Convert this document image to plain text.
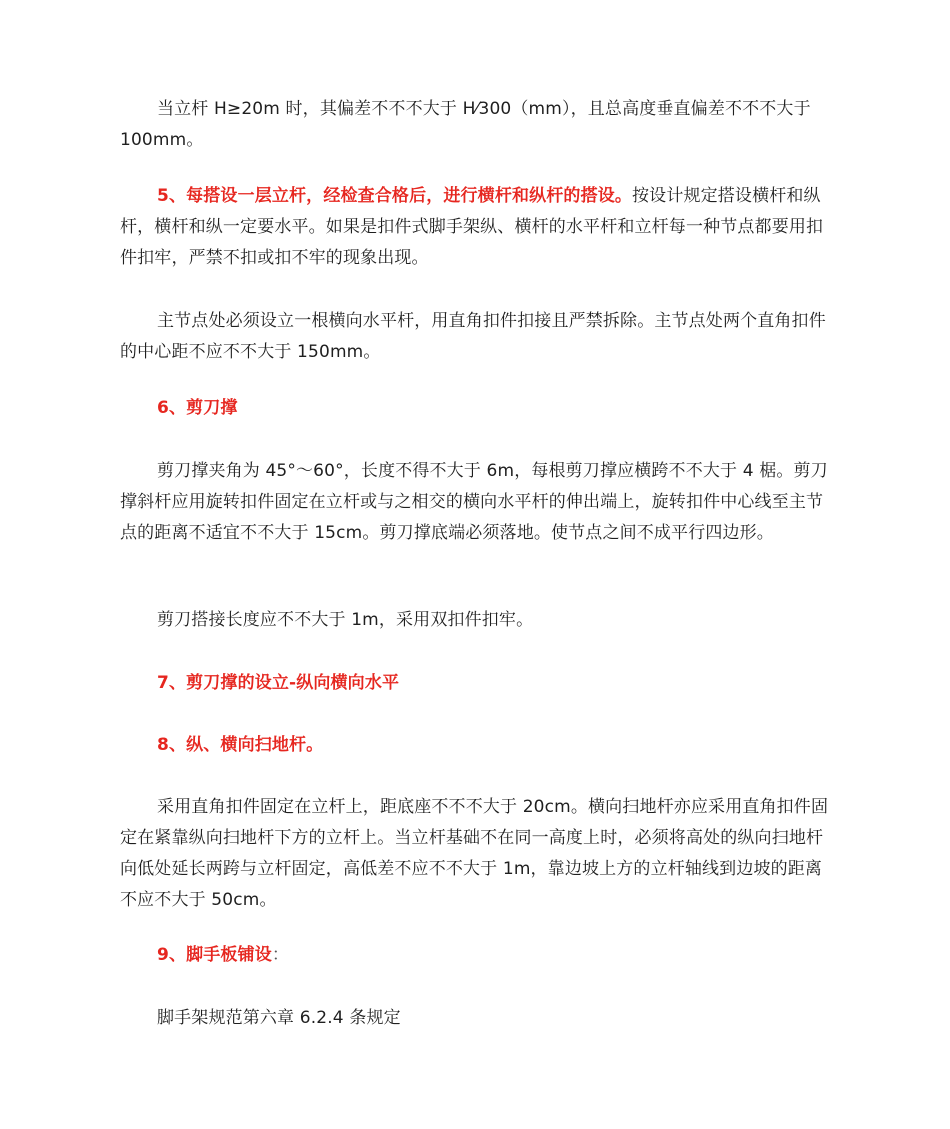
当立杆 H≥20m 时，其偏差不不不大于 H⁄300（mm），且总高度垂直偏差不不不大于 100mm。
5、每搭设一层立杆，经检查合格后，进行横杆和纵杆的搭设。按设计规定搭设横杆和纵杆，横杆和纵一定要水平。如果是扣件式脚手架纵、横杆的水平杆和立杆每一种节点都要用扣件扣牢，严禁不扣或扣不牢的现象出现。
主节点处必须设立一根横向水平杆，用直角扣件扣接且严禁拆除。主节点处两个直角扣件的中心距不应不不大于 150mm。
6、剪刀撑
剪刀撑夹角为 45°～60°，长度不得不大于 6m，每根剪刀撑应横跨不不大于 4 椐。剪刀撑斜杆应用旋转扣件固定在立杆或与之相交的横向水平杆的伸出端上，旋转扣件中心线至主节点的距离不适宜不不大于 15cm。剪刀撑底端必须落地。使节点之间不成平行四边形。
剪刀搭接长度应不不大于 1m，采用双扣件扣牢。
7、剪刀撑的设立-纵向横向水平
8、纵、横向扫地杆。
采用直角扣件固定在立杆上，距底座不不不大于 20cm。横向扫地杆亦应采用直角扣件固定在紧靠纵向扫地杆下方的立杆上。当立杆基础不在同一高度上时，必须将高处的纵向扫地杆向低处延长两跨与立杆固定，高低差不应不不大于 1m，靠边坡上方的立杆轴线到边坡的距离不应不大于 50cm。
9、脚手板铺设：
脚手架规范第六章 6.2.4 条规定
